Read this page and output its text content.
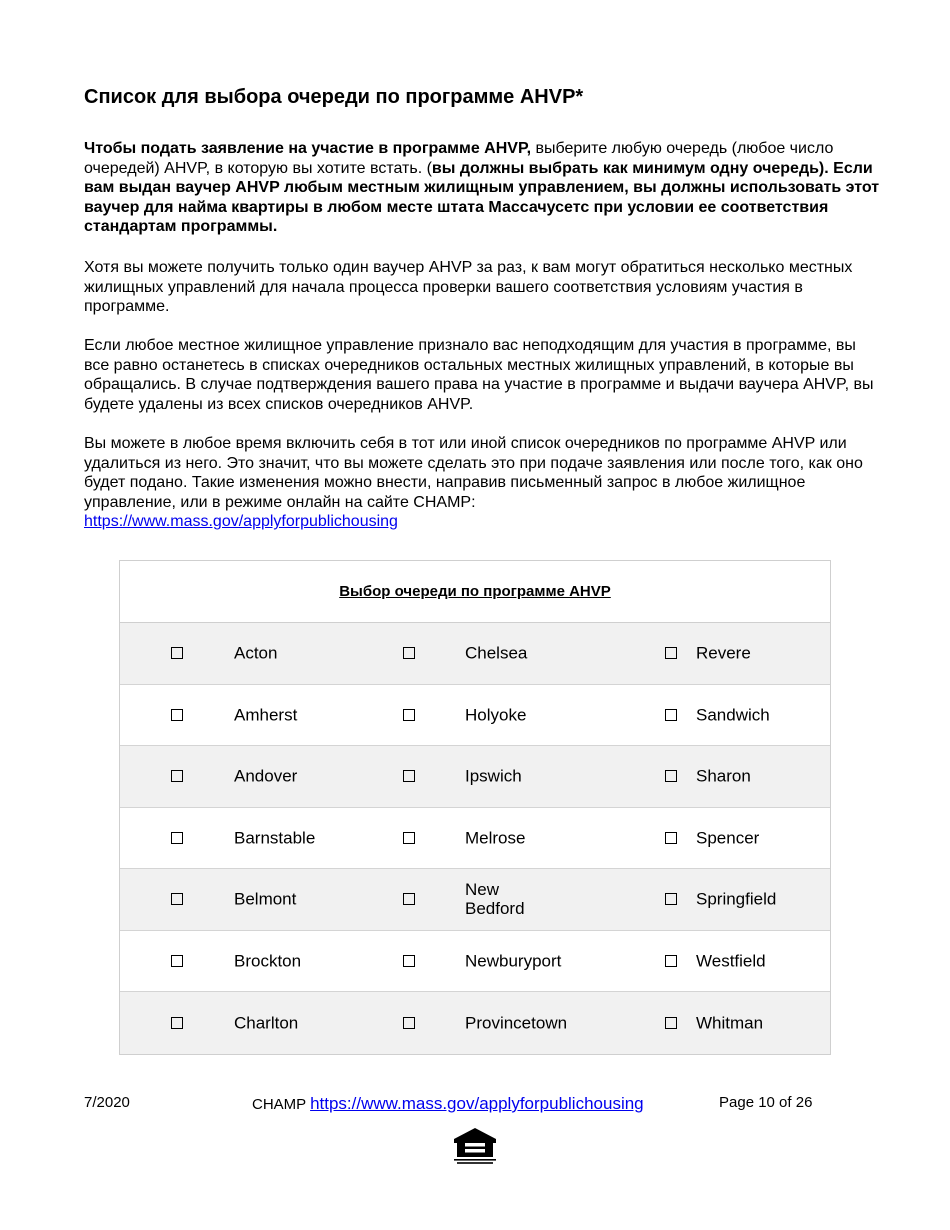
Список для выбора очереди по программе AHVP*

Чтобы подать заявление на участие в программе AHVP, выберите любую очередь (любое число очередей) AHVP, в которую вы хотите встать. (вы должны выбрать как минимум одну очередь). Если вам выдан ваучер AHVP любым местным жилищным управлением, вы должны использовать этот ваучер для найма квартиры в любом месте штата Массачусетс при условии ее соответствия стандартам программы.

Хотя вы можете получить только один ваучер AHVP за раз, к вам могут обратиться несколько местных жилищных управлений для начала процесса проверки вашего соответствия условиям участия в программе.

Если любое местное жилищное управление признало вас неподходящим для участия в программе, вы все равно останетесь в списках очередников остальных местных жилищных управлений, в которые вы обращались. В случае подтверждения вашего права на участие в программе и выдачи ваучера AHVP, вы будете удалены из всех списков очередников AHVP.

Вы можете в любое время включить себя в тот или иной список очередников по программе AHVP или удалиться из него. Это значит, что вы можете сделать это при подаче заявления или после того, как оно будет подано. Такие изменения можно внести, направив письменный запрос в любое жилищное управление, или в режиме онлайн на сайте CHAMP:
https://www.mass.gov/applyforpublichousing

Выбор очереди по программе AHVP
Acton	Chelsea	Revere
Amherst	Holyoke	Sandwich
Andover	Ipswich	Sharon
Barnstable	Melrose	Spencer
Belmont	New Bedford	Springfield
Brockton	Newburyport	Westfield
Charlton	Provincetown	Whitman
7/2020	CHAMP https://www.mass.gov/applyforpublichousing	Page 10 of 26
